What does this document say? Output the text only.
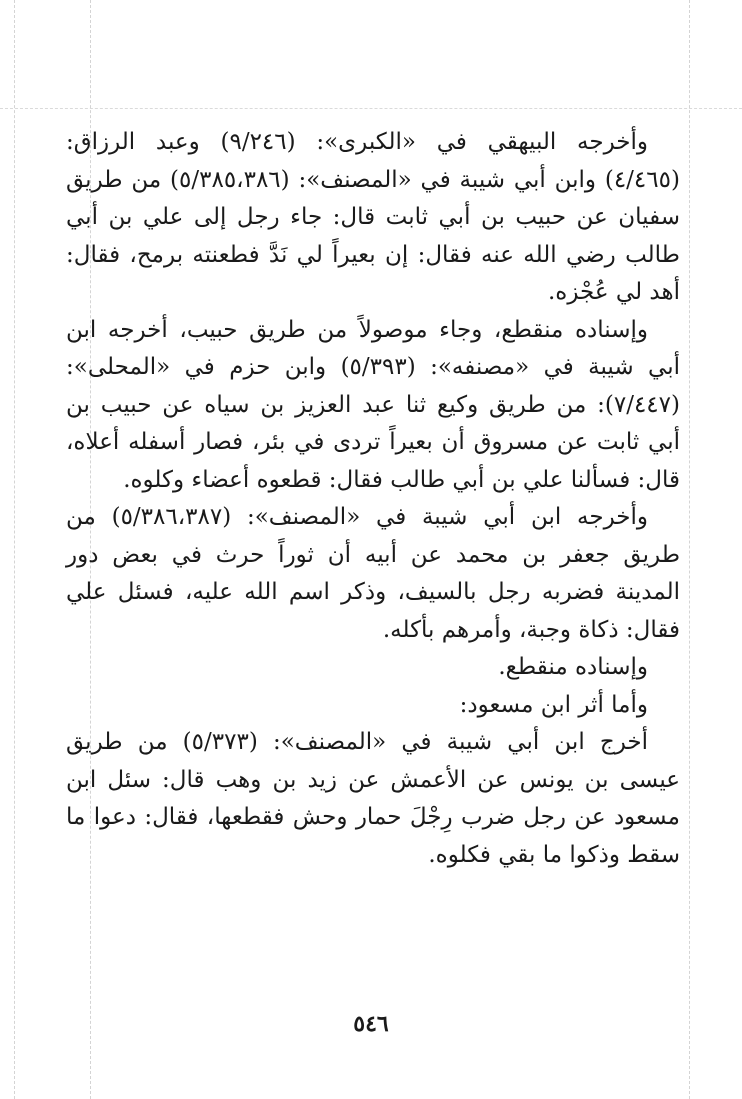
وأخرجه البيهقي في «الكبرى»: (٩/٢٤٦) وعبد الرزاق: (٤/٤٦٥) وابن أبي شيبة في «المصنف»: (٥/٣٨٥،٣٨٦) من طريق سفيان عن حبيب بن أبي ثابت قال: جاء رجل إلى علي بن أبي طالب رضي الله عنه فقال: إن بعيراً لي نَدَّ فطعنته برمح، فقال: أهد لي عُجْزه.

وإسناده منقطع، وجاء موصولاً من طريق حبيب، أخرجه ابن أبي شيبة في «مصنفه»: (٥/٣٩٣) وابن حزم في «المحلى»: (٧/٤٤٧): من طريق وكيع ثنا عبد العزيز بن سياه عن حبيب بن أبي ثابت عن مسروق أن بعيراً تردى في بئر، فصار أسفله أعلاه، قال: فسألنا علي بن أبي طالب فقال: قطعوه أعضاء وكلوه.

وأخرجه ابن أبي شيبة في «المصنف»: (٥/٣٨٦،٣٨٧) من طريق جعفر بن محمد عن أبيه أن ثوراً حرث في بعض دور المدينة فضربه رجل بالسيف، وذكر اسم الله عليه، فسئل علي فقال: ذكاة وجبة، وأمرهم بأكله.

وإسناده منقطع.

وأما أثر ابن مسعود:

أخرج ابن أبي شيبة في «المصنف»: (٥/٣٧٣) من طريق عيسى بن يونس عن الأعمش عن زيد بن وهب قال: سئل ابن مسعود عن رجل ضرب رِجْلَ حمار وحش فقطعها، فقال: دعوا ما سقط وذكوا ما بقي فكلوه.

٥٤٦
